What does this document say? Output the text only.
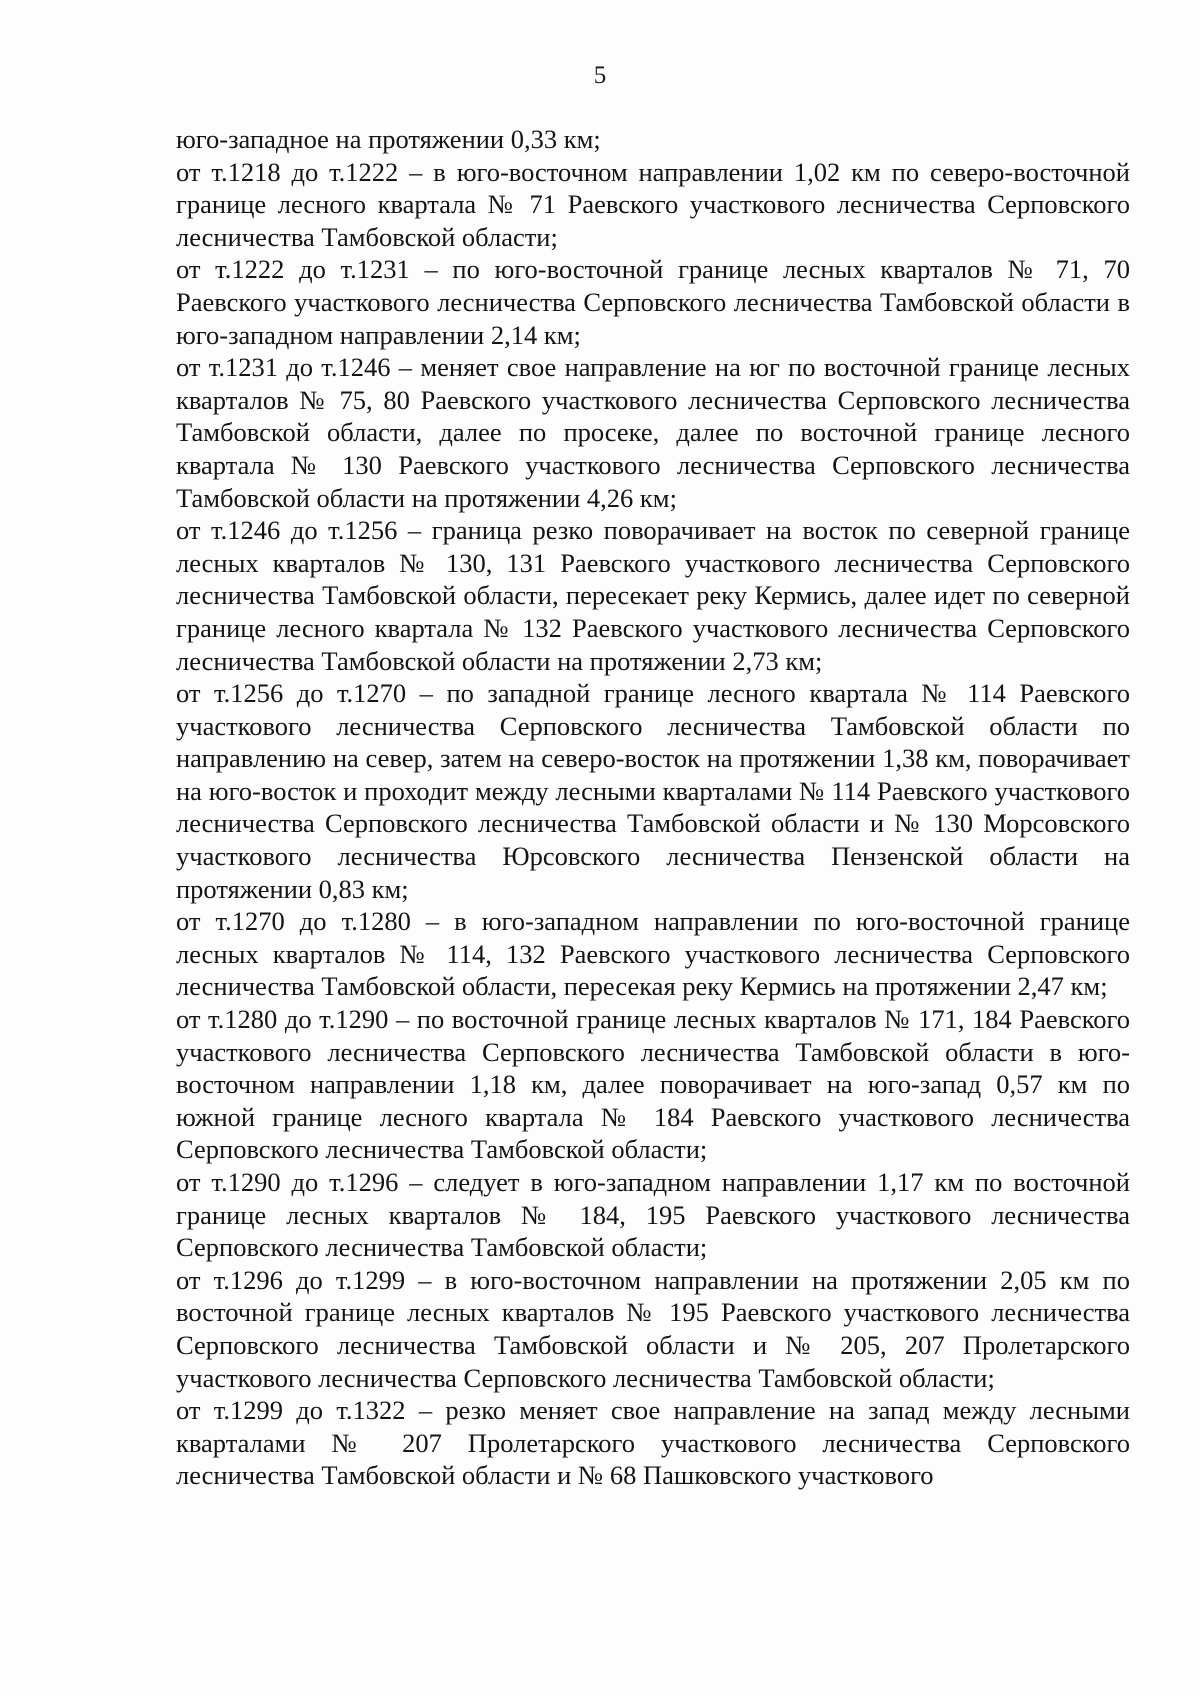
5

юго-западное на протяжении 0,33 км;

от т.1218 до т.1222 – в юго-восточном направлении 1,02 км по северо-восточной границе лесного квартала № 71 Раевского участкового лесничества Серповского лесничества Тамбовской области;

от т.1222 до т.1231 – по юго-восточной границе лесных кварталов № 71, 70 Раевского участкового лесничества Серповского лесничества Тамбовской области в юго-западном направлении 2,14 км;

от т.1231 до т.1246 – меняет свое направление на юг по восточной границе лесных кварталов № 75, 80 Раевского участкового лесничества Серповского лесничества Тамбовской области, далее по просеке, далее по восточной границе лесного квартала № 130 Раевского участкового лесничества Серповского лесничества Тамбовской области на протяжении 4,26 км;

от т.1246 до т.1256 – граница резко поворачивает на восток по северной границе лесных кварталов № 130, 131 Раевского участкового лесничества Серповского лесничества Тамбовской области, пересекает реку Кермись, далее идет по северной границе лесного квартала № 132 Раевского участкового лесничества Серповского лесничества Тамбовской области на протяжении 2,73 км;

от т.1256 до т.1270 – по западной границе лесного квартала № 114 Раевского участкового лесничества Серповского лесничества Тамбовской области по направлению на север, затем на северо-восток на протяжении 1,38 км, поворачивает на юго-восток и проходит между лесными кварталами № 114 Раевского участкового лесничества Серповского лесничества Тамбовской области и № 130 Морсовского участкового лесничества Юрсовского лесничества Пензенской области на протяжении 0,83 км;

от т.1270 до т.1280 – в юго-западном направлении по юго-восточной границе лесных кварталов № 114, 132 Раевского участкового лесничества Серповского лесничества Тамбовской области, пересекая реку Кермись на протяжении 2,47 км;

от т.1280 до т.1290 – по восточной границе лесных кварталов № 171, 184 Раевского участкового лесничества Серповского лесничества Тамбовской области в юго-восточном направлении 1,18 км, далее поворачивает на юго-запад 0,57 км по южной границе лесного квартала № 184 Раевского участкового лесничества Серповского лесничества Тамбовской области;

от т.1290 до т.1296 – следует в юго-западном направлении 1,17 км по восточной границе лесных кварталов № 184, 195 Раевского участкового лесничества Серповского лесничества Тамбовской области;

от т.1296 до т.1299 – в юго-восточном направлении на протяжении 2,05 км по восточной границе лесных кварталов № 195 Раевского участкового лесничества Серповского лесничества Тамбовской области и № 205, 207 Пролетарского участкового лесничества Серповского лесничества Тамбовской области;

от т.1299 до т.1322 – резко меняет свое направление на запад между лесными кварталами № 207 Пролетарского участкового лесничества Серповского лесничества Тамбовской области и № 68 Пашковского участкового
